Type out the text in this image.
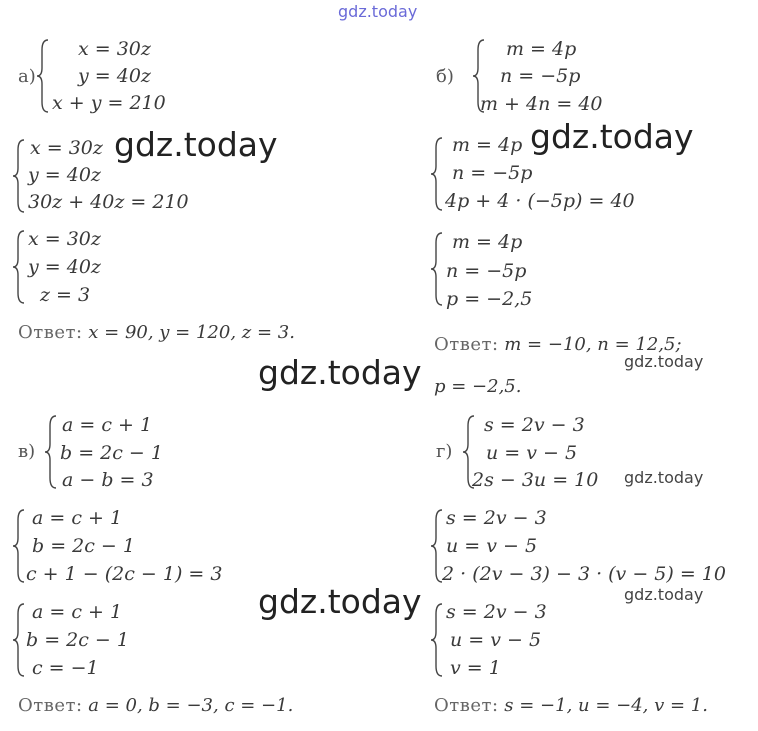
gdz.today
а)
x = 30z
y = 40z
x + y = 210
x = 30z
y = 40z
30z + 40z = 210
x = 30z
y = 40z
z = 3
Ответ: x = 90, y = 120, z = 3.
б)
m = 4p
n = −5p
m + 4n = 40
m = 4p
n = −5p
4p + 4 · (−5p) = 40
m = 4p
n = −5p
p = −2,5
Ответ: m = −10, n = 12,5;
p = −2,5.
в)
a = c + 1
b = 2c − 1
a − b = 3
a = c + 1
b = 2c − 1
c + 1 − (2c − 1) = 3
a = c + 1
b = 2c − 1
c = −1
Ответ: a = 0, b = −3, c = −1.
г)
s = 2v − 3
u = v − 5
2s − 3u = 10
s = 2v − 3
u = v − 5
2 · (2v − 3) − 3 · (v − 5) = 10
s = 2v − 3
u = v − 5
v = 1
Ответ: s = −1, u = −4, v = 1.
gdz.today	gdz.today
gdz.today
gdz.today
gdz.today
gdz.today
gdz.today
